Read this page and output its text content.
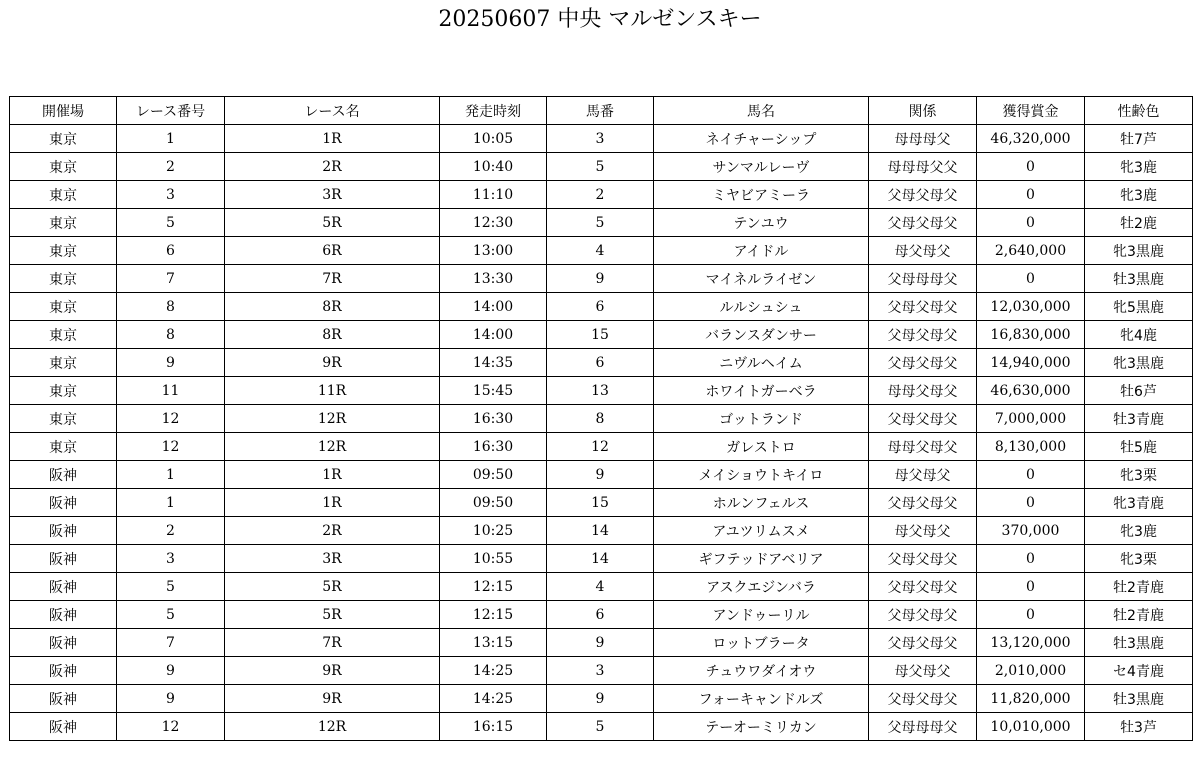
20250607 中央 マルゼンスキー
開催場	レース番号	レース名	発走時刻	馬番	馬名	関係	獲得賞金	性齢色
東京	1	1R	10:05	3	ネイチャーシップ	母母母父	46,320,000	牡7芦
東京	2	2R	10:40	5	サンマルレーヴ	母母母父父	0	牝3鹿
東京	3	3R	11:10	2	ミヤビアミーラ	父母父母父	0	牝3鹿
東京	5	5R	12:30	5	テンユウ	父母父母父	0	牡2鹿
東京	6	6R	13:00	4	アイドル	母父母父	2,640,000	牝3黒鹿
東京	7	7R	13:30	9	マイネルライゼン	父母母母父	0	牡3黒鹿
東京	8	8R	14:00	6	ルルシュシュ	父母父母父	12,030,000	牝5黒鹿
東京	8	8R	14:00	15	バランスダンサー	父母父母父	16,830,000	牝4鹿
東京	9	9R	14:35	6	ニヴルヘイム	父母父母父	14,940,000	牝3黒鹿
東京	11	11R	15:45	13	ホワイトガーベラ	母母父母父	46,630,000	牡6芦
東京	12	12R	16:30	8	ゴットランド	父母父母父	7,000,000	牡3青鹿
東京	12	12R	16:30	12	ガレストロ	母母父母父	8,130,000	牡5鹿
阪神	1	1R	09:50	9	メイショウトキイロ	母父母父	0	牝3栗
阪神	1	1R	09:50	15	ホルンフェルス	父母父母父	0	牝3青鹿
阪神	2	2R	10:25	14	アユツリムスメ	母父母父	370,000	牝3鹿
阪神	3	3R	10:55	14	ギフテッドアベリア	父母父母父	0	牝3栗
阪神	5	5R	12:15	4	アスクエジンバラ	父母父母父	0	牡2青鹿
阪神	5	5R	12:15	6	アンドゥーリル	父母父母父	0	牡2青鹿
阪神	7	7R	13:15	9	ロットブラータ	父母父母父	13,120,000	牡3黒鹿
阪神	9	9R	14:25	3	チュウワダイオウ	母父母父	2,010,000	セ4青鹿
阪神	9	9R	14:25	9	フォーキャンドルズ	父母父母父	11,820,000	牡3黒鹿
阪神	12	12R	16:15	5	テーオーミリカン	父母母母父	10,010,000	牡3芦
